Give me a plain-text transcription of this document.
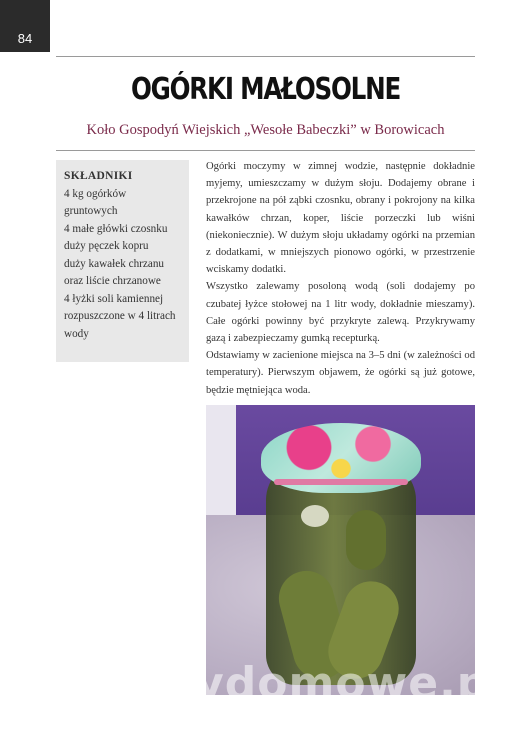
84
OGÓRKI MAŁOSOLNE
Koło Gospodyń Wiejskich „Wesołe Babeczki” w Borowicach
SKŁADNIKI
4 kg ogórków
gruntowych
4 małe główki czosnku
duży pęczek kopru
duży kawałek chrzanu
oraz liście chrzanowe
4 łyżki soli kamiennej
rozpuszczone w 4 litrach
wody

Ogórki moczymy w zimnej wodzie, następnie dokładnie myjemy, umieszczamy w dużym słoju. Dodajemy obrane i przekrojone na pół ząbki czosnku, obrany i pokrojony na kilka kawałków chrzan, koper, liście porzeczki lub wiśni (niekoniecznie). W dużym słoju układamy ogórki na przemian z dodatkami, w mniejszych pionowo ogórki, w przestrzenie wciskamy dodatki.

Wszystko zalewamy posoloną wodą (soli dodajemy po czubatej łyżce stołowej na 1 litr wody, dokładnie mieszamy). Całe ogórki powinny być przykryte zalewą. Przykrywamy gazą i zabezpieczamy gumką recepturką.

Odstawiamy w zacienione miejsca na 3–5 dni (w zależności od temperatury). Pierwszym objawem, że ogórki są już gotowe, będzie mętniejąca woda.

wedlinydomowe.pl
